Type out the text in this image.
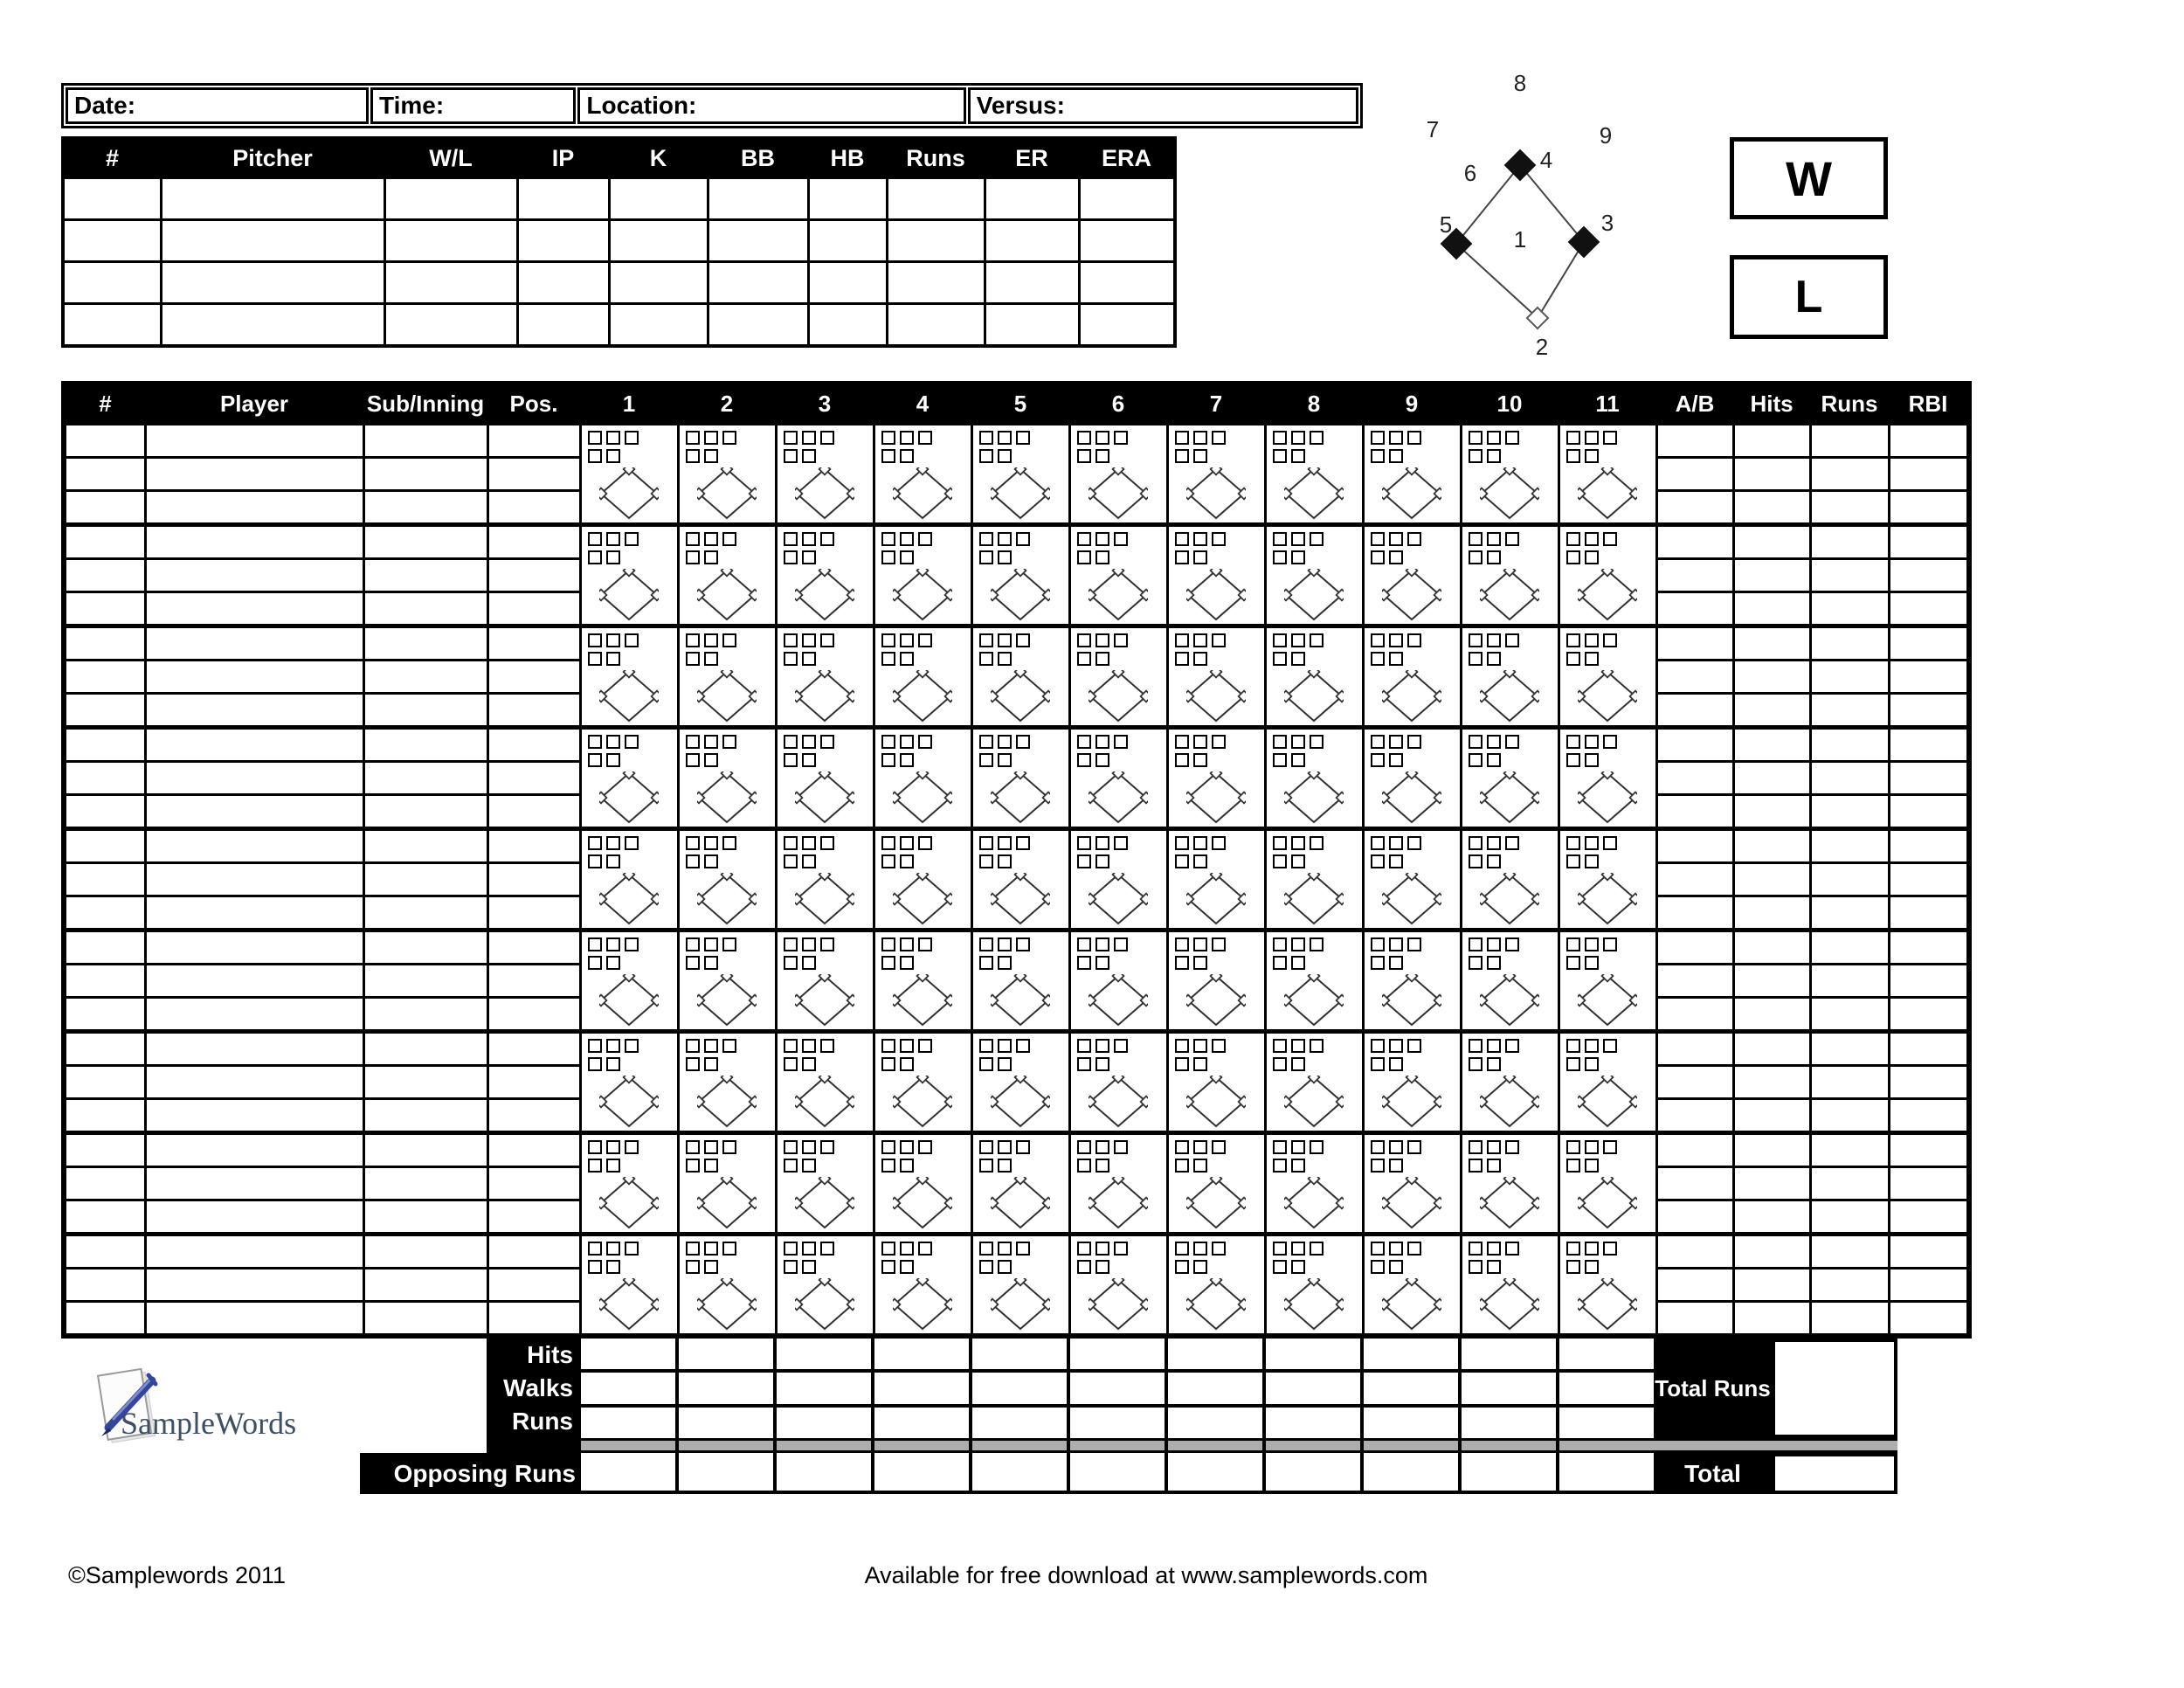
Date:	Time:	Location:	Versus:
#	Pitcher	W/L	IP	K	BB	HB	Runs	ER	ERA

1
2
3
4
5
6
7
8
9
W
L
#	Player	Sub/Inning	Pos.	1	2	3	4	5	6	7	8	9	10	11	A/B	Hits	Runs	RBI

Hits
Walks
Runs
Opposing Runs
Total Runs
Total
SampleWords
©Samplewords 2011	Available for free download at www.samplewords.com
